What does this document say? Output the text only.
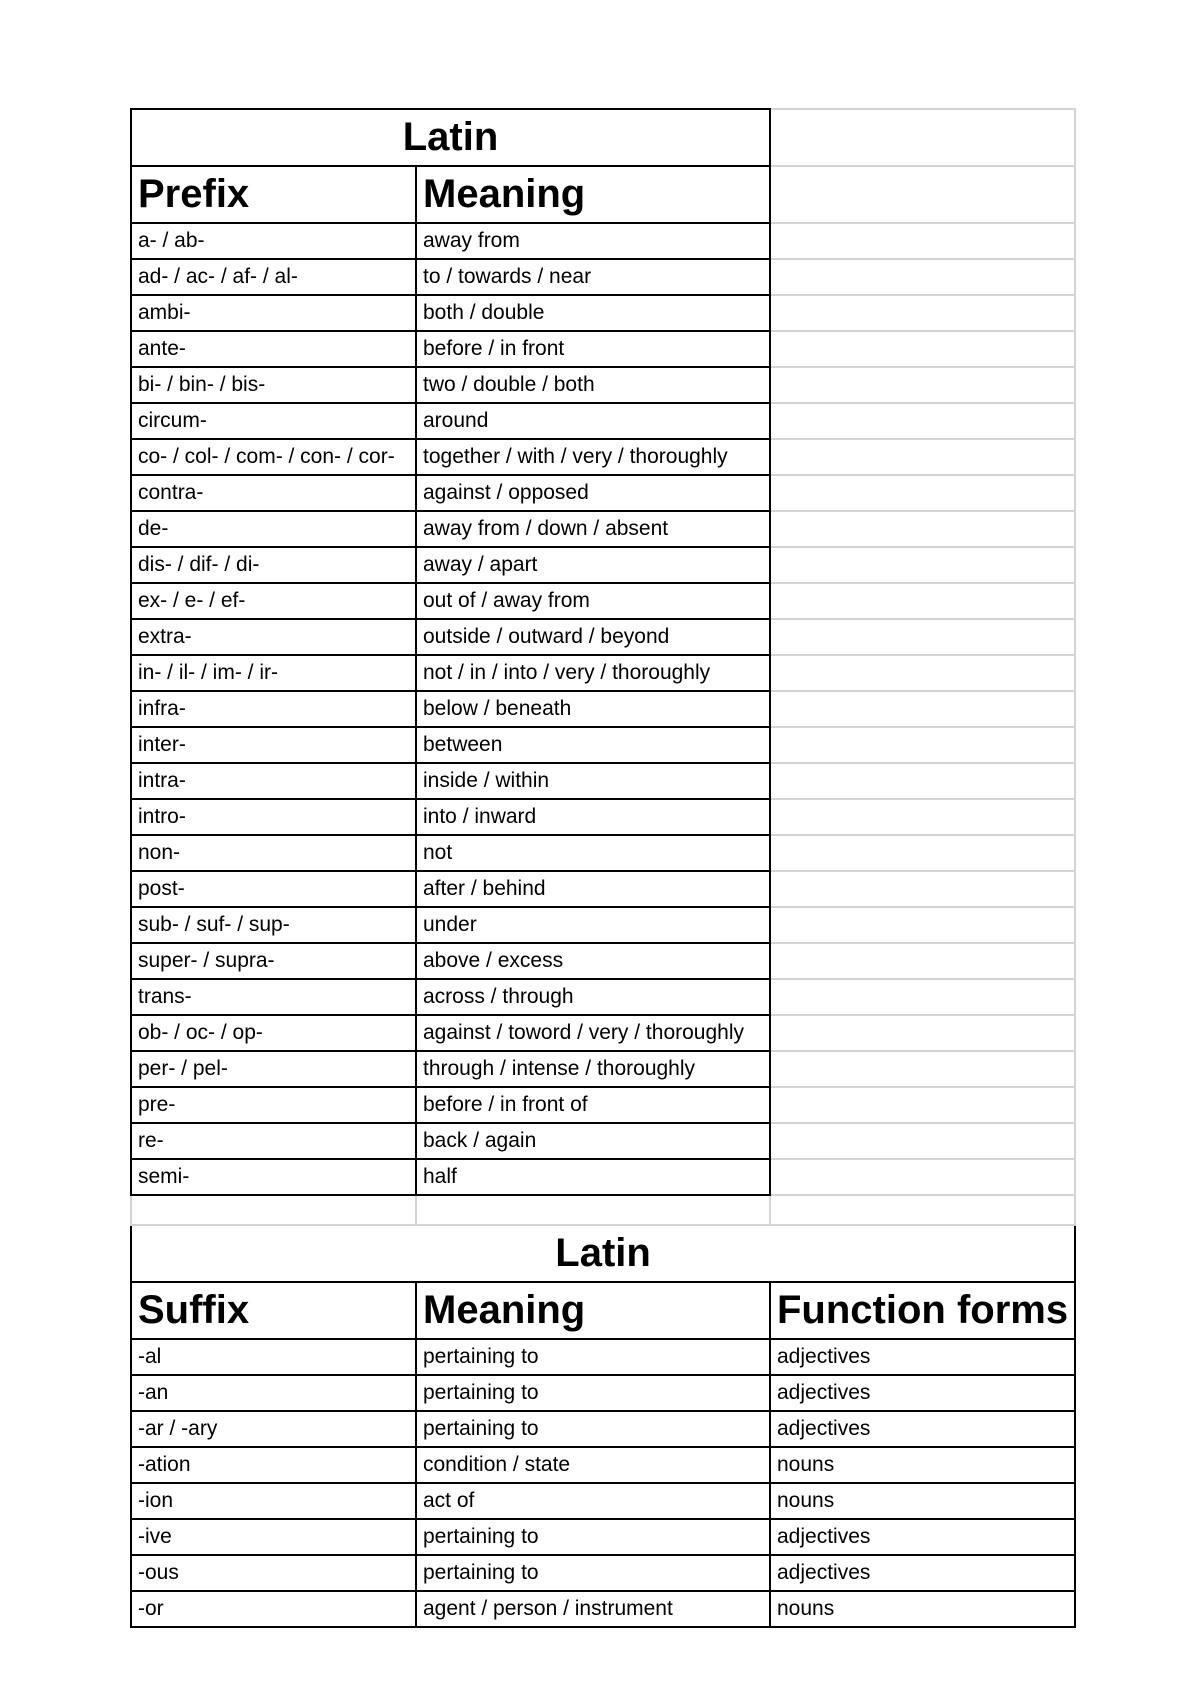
Latin		
Prefix	Meaning	
a- / ab-	away from	
ad- / ac- / af- / al-	to / towards / near	
ambi-	both / double	
ante-	before / in front	
bi- / bin- / bis-	two / double / both	
circum-	around	
co- / col- / com- / con- / cor-	together / with / very / thoroughly	
contra-	against / opposed	
de-	away from / down / absent	
dis- / dif- / di-	away / apart	
ex- / e- / ef-	out of / away from	
extra-	outside / outward / beyond	
in- / il- / im- / ir-	not / in / into / very / thoroughly	
infra-	below / beneath	
inter-	between	
intra-	inside / within	
intro-	into / inward	
non-	not	
post-	after / behind	
sub- / suf- / sup-	under	
super- / supra-	above / excess	
trans-	across / through	
ob- / oc- / op-	against / toword / very / thoroughly	
per- / pel-	through / intense / thoroughly	
pre-	before / in front of	
re-	back / again	
semi-	half	

Latin		
Suffix	Meaning	Function forms
-al	pertaining to	adjectives
-an	pertaining to	adjectives
-ar / -ary	pertaining to	adjectives
-ation	condition / state	nouns
-ion	act of	nouns
-ive	pertaining to	adjectives
-ous	pertaining to	adjectives
-or	agent / person / instrument	nouns
